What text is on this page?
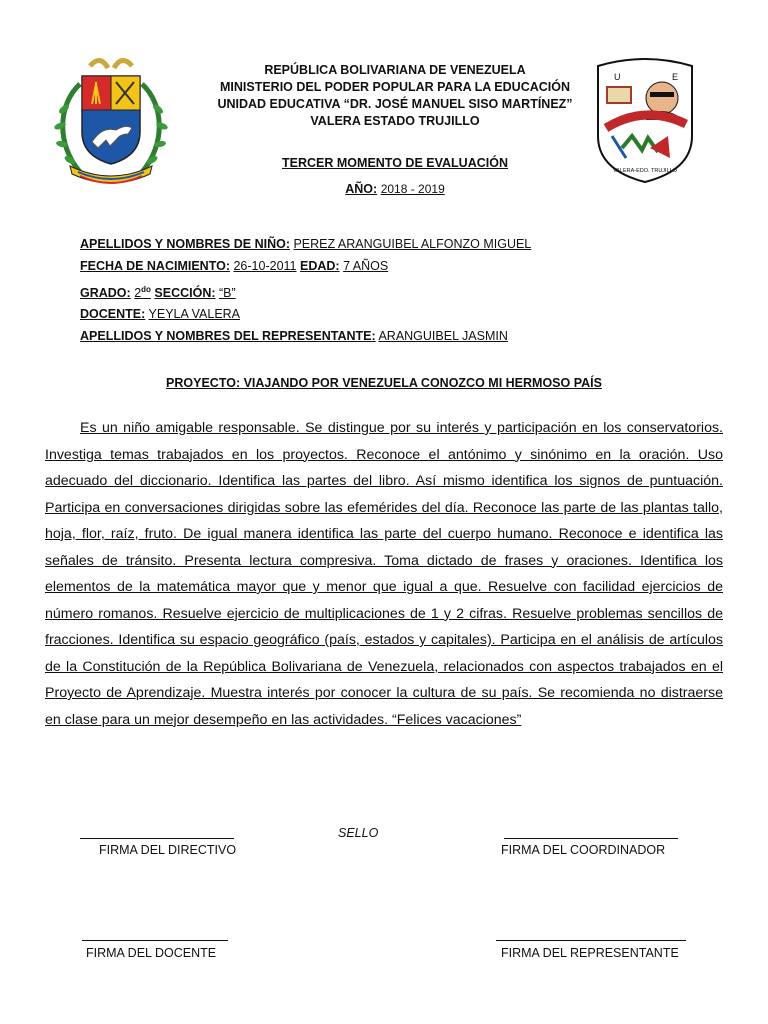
U	E
VALERA-EDO. TRUJILLO
REPÚBLICA BOLIVARIANA DE VENEZUELA
MINISTERIO DEL PODER POPULAR PARA LA EDUCACIÓN
UNIDAD EDUCATIVA “DR. JOSÉ MANUEL SISO MARTÍNEZ”
VALERA ESTADO TRUJILLO
TERCER MOMENTO DE EVALUACIÓN
AÑO: 2018 - 2019
APELLIDOS Y NOMBRES DE NIÑO: PEREZ ARANGUIBEL ALFONZO MIGUEL
FECHA DE NACIMIENTO: 26-10-2011 EDAD: 7 AÑOS
GRADO: $2^{do}$ SECCIÓN: “B”
DOCENTE: YEYLA VALERA
APELLIDOS Y NOMBRES DEL REPRESENTANTE: ARANGUIBEL JASMIN
PROYECTO: VIAJANDO POR VENEZUELA CONOZCO MI HERMOSO PAÍS
Es un niño amigable responsable. Se distingue por su interés y participación en los conservatorios. Investiga temas trabajados en los proyectos. Reconoce el antónimo y sinónimo en la oración. Uso adecuado del diccionario. Identifica las partes del libro. Así mismo identifica los signos de puntuación. Participa en conversaciones dirigidas sobre las efemérides del día. Reconoce las parte de las plantas tallo, hoja, flor, raíz, fruto. De igual manera identifica las parte del cuerpo humano. Reconoce e identifica las señales de tránsito. Presenta lectura compresiva. Toma dictado de frases y oraciones. Identifica los elementos de la matemática mayor que y menor que igual a que. Resuelve con facilidad ejercicios de número romanos. Resuelve ejercicio de multiplicaciones de 1 y 2 cifras. Resuelve problemas sencillos de fracciones. Identifica su espacio geográfico (país, estados y capitales). Participa en el análisis de artículos de la Constitución de la República Bolivariana de Venezuela, relacionados con aspectos trabajados en el Proyecto de Aprendizaje. Muestra interés por conocer la cultura de su país. Se recomienda no distraerse en clase para un mejor desempeño en las actividades. “Felices vacaciones”
FIRMA DEL DIRECTIVO
SELLO
FIRMA DEL COORDINADOR
FIRMA DEL DOCENTE	FIRMA DEL REPRESENTANTE
